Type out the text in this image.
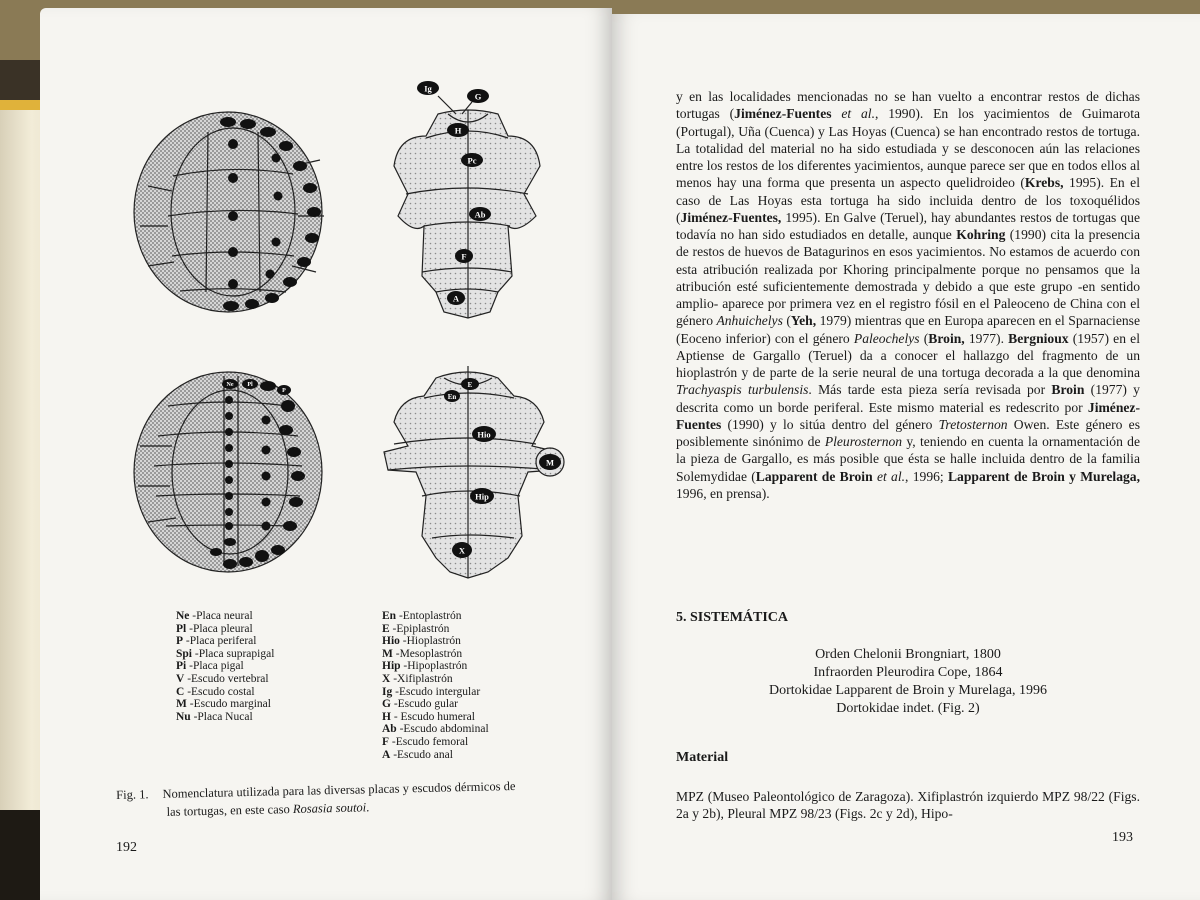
Ig
G
H
Pc
Ab
F
A
Ne Pl
P
E
En
Hio
M
Hip
X
Ne -Placa neural
Pl -Placa pleural
P -Placa periferal
Spi -Placa suprapigal
Pi -Placa pigal
V -Escudo vertebral
C -Escudo costal
M -Escudo marginal
Nu -Placa Nucal
En -Entoplastrón
E -Epiplastrón
Hio -Hioplastrón
M -Mesoplastrón
Hip -Hipoplastrón
X -Xifiplastrón
Ig -Escudo intergular
G -Escudo gular
H - Escudo humeral
Ab -Escudo abdominal
F -Escudo femoral
A -Escudo anal
Fig. 1. Nomenclatura utilizada para las diversas placas y escudos dérmicos de
las tortugas, en este caso Rosasia soutoi.
192

y en las localidades mencionadas no se han vuelto a encontrar restos de dichas tortugas (Jiménez-Fuentes et al., 1990). En los yacimientos de Guimarota (Portugal), Uña (Cuenca) y Las Hoyas (Cuenca) se han encontrado restos de tortuga. La totalidad del material no ha sido estudiada y se desconocen aún las relaciones entre los restos de los diferentes yacimientos, aunque parece ser que en todos ellos al menos hay una forma que presenta un aspecto quelidroideo (Krebs, 1995). En el caso de Las Hoyas esta tortuga ha sido incluida dentro de los toxoquélidos (Jiménez-Fuentes, 1995). En Galve (Teruel), hay abundantes restos de tortugas que todavía no han sido estudiados en detalle, aunque Kohring (1990) cita la presencia de restos de huevos de Batagurinos en esos yacimientos. No estamos de acuerdo con esta atribución realizada por Khoring principalmente porque no pensamos que la atribución esté suficientemente demostrada y debido a que este grupo -en sentido amplio- aparece por primera vez en el registro fósil en el Paleoceno de China con el género Anhuichelys (Yeh, 1979) mientras que en Europa aparecen en el Sparnaciense (Eoceno inferior) con el género Paleochelys (Broin, 1977). Bergnioux (1957) en el Aptiense de Gargallo (Teruel) da a conocer el hallazgo del fragmento de un hioplastrón y de parte de la serie neural de una tortuga decorada a la que denomina Trachyaspis turbulensis. Más tarde esta pieza sería revisada por Broin (1977) y descrita como un borde periferal. Este mismo material es redescrito por Jiménez-Fuentes (1990) y lo sitúa dentro del género Tretosternon Owen. Este género es posiblemente sinónimo de Pleurosternon y, teniendo en cuenta la ornamentación de la pieza de Gargallo, es más posible que ésta se halle incluida dentro de la familia Solemydidae (Lapparent de Broin et al., 1996; Lapparent de Broin y Murelaga, 1996, en prensa).

5. SISTEMÁTICA
Orden Chelonii Brongniart, 1800
Infraorden Pleurodira Cope, 1864
Dortokidae Lapparent de Broin y Murelaga, 1996
Dortokidae indet. (Fig. 2)
Material
MPZ (Museo Paleontológico de Zaragoza). Xifiplastrón izquierdo MPZ 98/22 (Figs. 2a y 2b), Pleural MPZ 98/23 (Figs. 2c y 2d), Hipo-
193
